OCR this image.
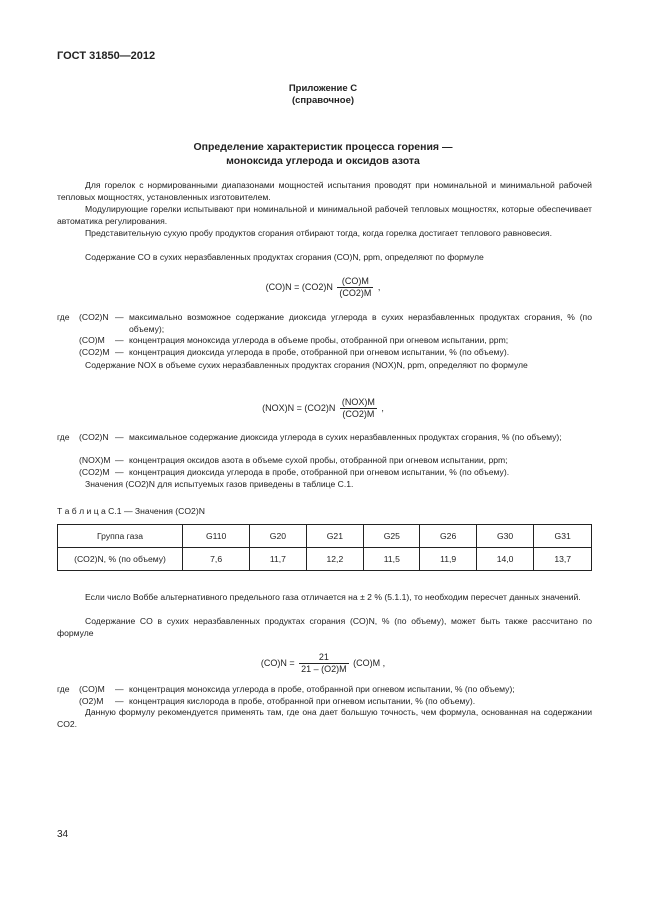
ГОСТ 31850—2012
Приложение С
(справочное)
Определение характеристик процесса горения —
моноксида углерода и оксидов азота
Для горелок с нормированными диапазонами мощностей испытания проводят при номинальной и минимальной рабочей тепловых мощностях, установленных изготовителем.
Модулирующие горелки испытывают при номинальной и минимальной рабочей тепловых мощностях, которые обеспечивает автоматика регулирования.
Представительную сухую пробу продуктов сгорания отбирают тогда, когда горелка достигает теплового равновесия.
Содержание CO в сухих неразбавленных продуктах сгорания (CO)N, ppm, определяют по формуле
$(CO)N = (CO2)N \frac{(CO)M}{(CO2)M}$ ,
где (CO2)N — максимально возможное содержание диоксида углерода в сухих неразбавленных продуктах сгорания, % (по объему);
(CO)M — концентрация моноксида углерода в объеме пробы, отобранной при огневом испытании, ppm;
(CO2)M — концентрация диоксида углерода в пробе, отобранной при огневом испытании, % (по объему).
Содержание NOX в объеме сухих неразбавленных продуктах сгорания (NOX)N, ppm, определяют по формуле
$(NOX)N = (CO2)N \frac{\text{(NOX)M}}{(CO2)M}$ ,
где (CO2)N — максимальное содержание диоксида углерода в сухих неразбавленных продуктах сгорания, % (по объему);
(NOX)M — концентрация оксидов азота в объеме сухой пробы, отобранной при огневом испытании, ppm;
(CO2)M — концентрация диоксида углерода в пробе, отобранной при огневом испытании, % (по объему).
Значения (CO2)N для испытуемых газов приведены в таблице С.1.
Т а б л и ц а С.1 — Значения (CO2)N
Группа газа	G110	G20	G21	G25	G26	G30	G31
(CO2)N, % (по объему)	7,6	11,7	12,2	11,5	11,9	14,0	13,7
Если число Воббе альтернативного предельного газа отличается на ± 2 % (5.1.1), то необходим пересчет данных значений.
Содержание CO в сухих неразбавленных продуктах сгорания (CO)N, % (по объему), может быть также рассчитано по формуле
$(CO)N = \frac{21}{21 - (O2)M} (CO)M$ ,
где (CO)M — концентрация моноксида углерода в пробе, отобранной при огневом испытании, % (по объему);
(O2)M — концентрация кислорода в пробе, отобранной при огневом испытании, % (по объему).
Данную формулу рекомендуется применять там, где она дает большую точность, чем формула, основанная на содержании CO2.
34
